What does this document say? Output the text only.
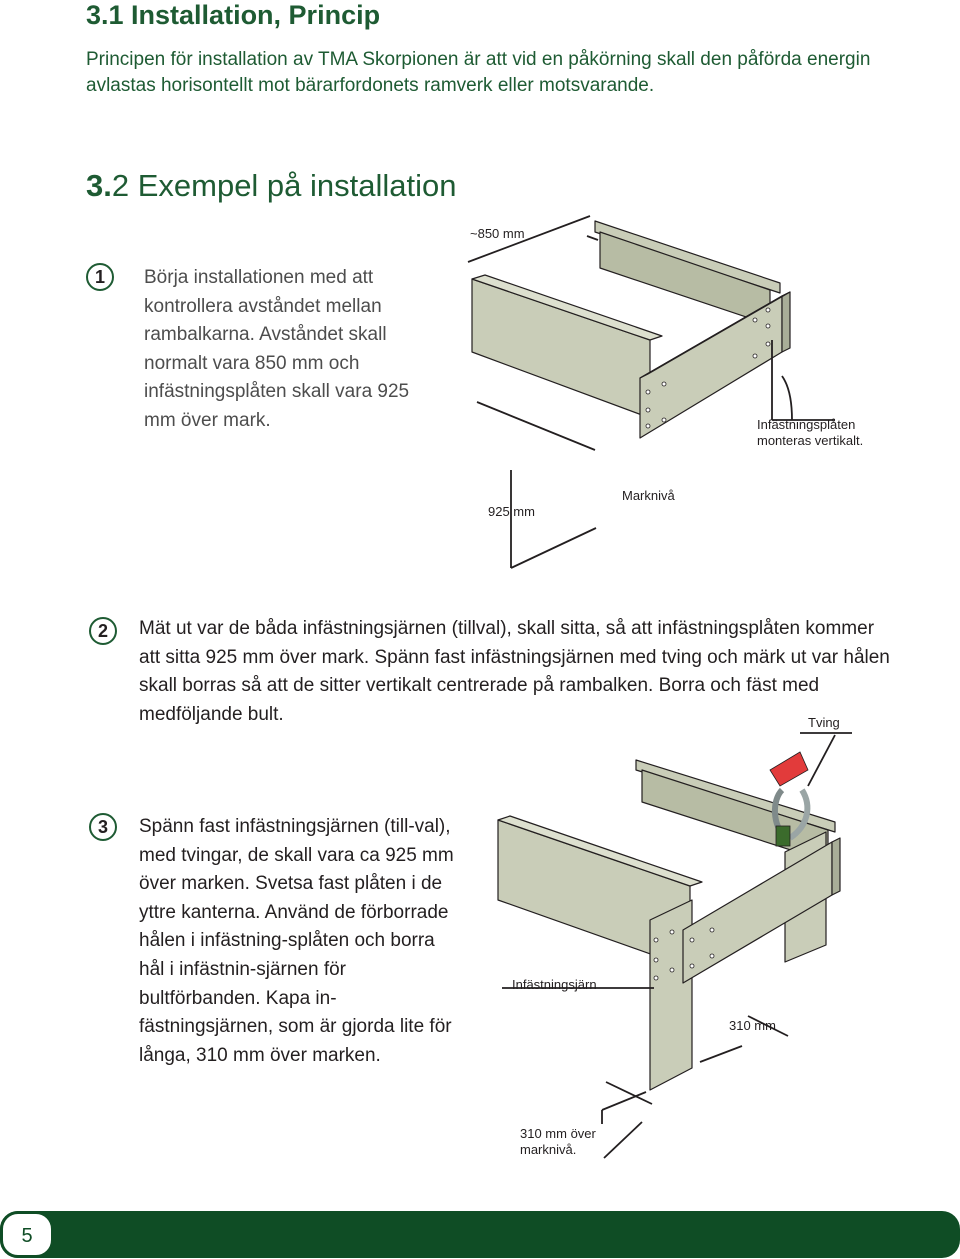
3.1 Installation, Princip
Principen för installation av TMA Skorpionen är att vid en påkörning skall den påförda energin avlastas horisontellt mot bärarfordonets ramverk eller motsvarande.
3.2 Exempel på installation
1	Börja installationen med att kontrollera avståndet mellan rambalkarna. Avståndet skall normalt vara 850 mm och infästningsplåten skall vara 925 mm över mark.
2	Mät ut var de båda infästningsjärnen (tillval), skall sitta, så att infästningsplåten kommer att sitta 925 mm över mark. Spänn fast infästningsjärnen med tving och märk ut var hålen skall borras så att de sitter vertikalt centrerade på rambalken. Borra och fäst med medföljande bult.
3	Spänn fast infästningsjärnen (till-val), med tvingar, de skall vara ca 925 mm över marken. Svetsa fast plåten i de yttre kanterna. Använd de förborrade hålen i infästning-splåten och borra hål i infästnin-sjärnen för bultförbanden. Kapa in-fästningsjärnen, som är gjorda lite för långa, 310 mm över marken.
~850 mm
Infästningsplåten monteras vertikalt.
925 mm
Marknivå
Tving
Infästningsjärn
310 mm
310 mm över marknivå.
5
